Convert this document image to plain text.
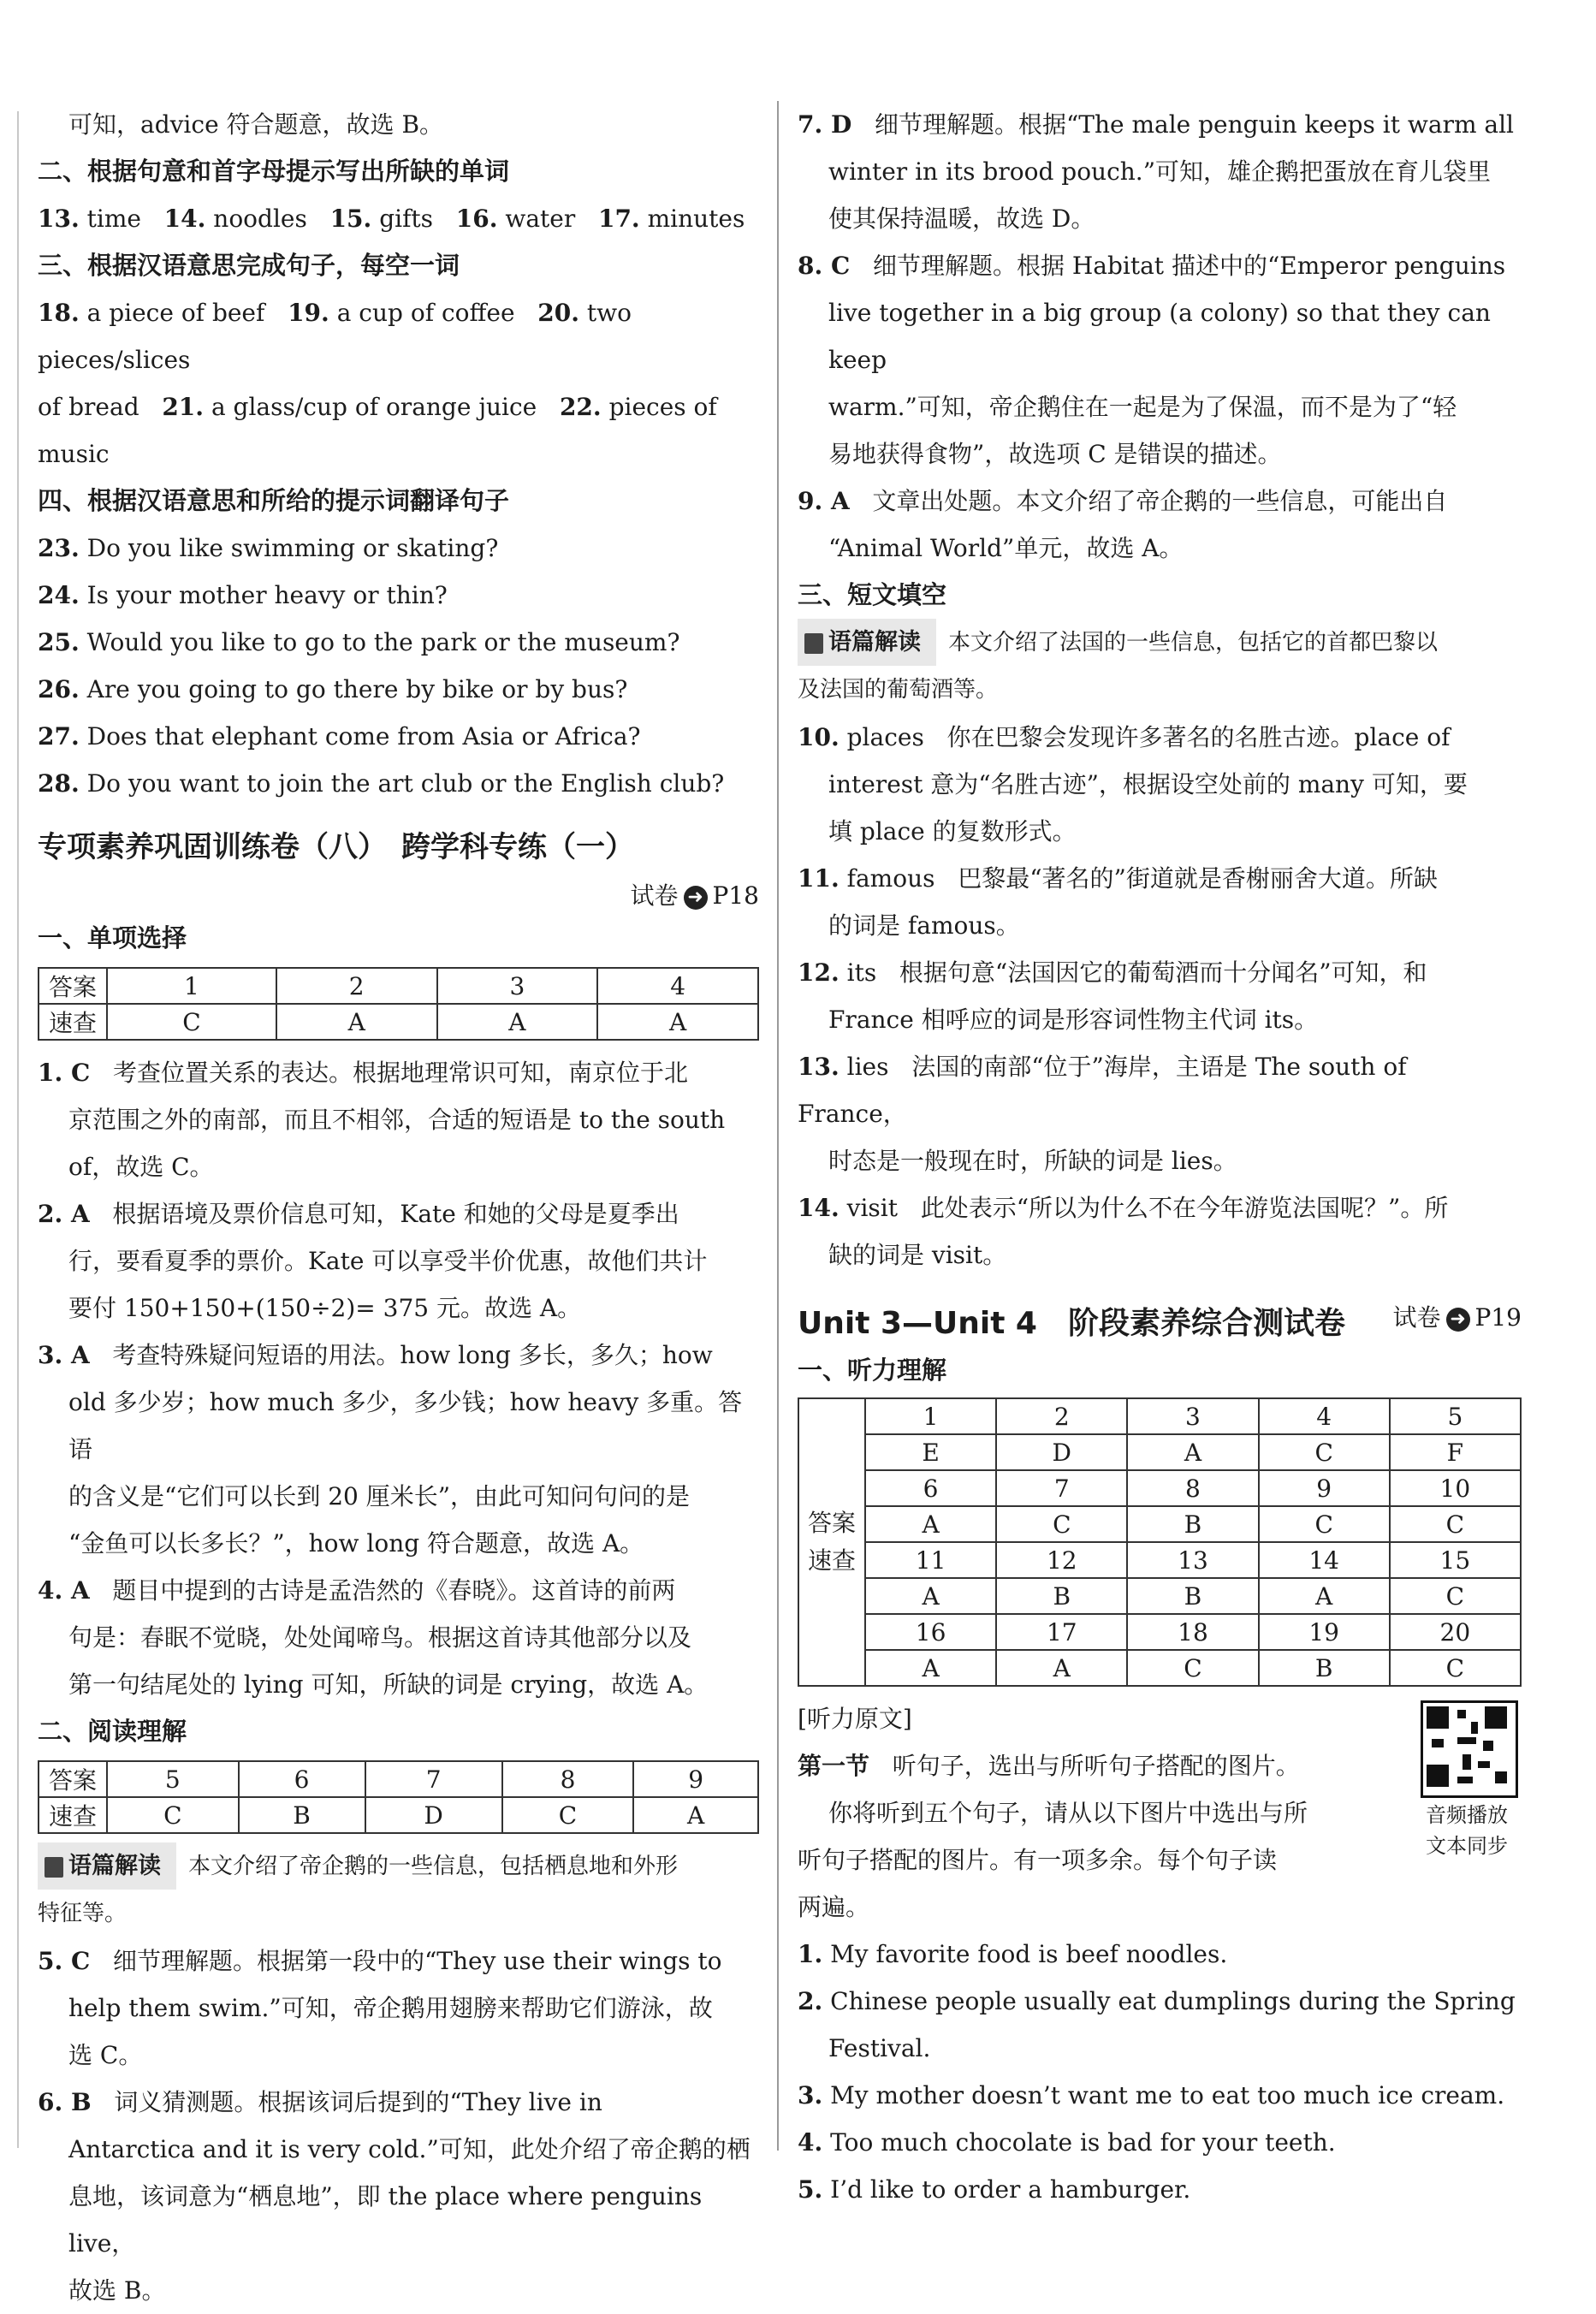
可知，advice 符合题意，故选 B。

二、根据句意和首字母提示写出所缺的单词

13. time 14. noodles 15. gifts 16. water 17. minutes

三、根据汉语意思完成句子，每空一词

18. a piece of beef 19. a cup of coffee 20. two pieces/slices

of bread 21. a glass/cup of orange juice 22. pieces of music

四、根据汉语意思和所给的提示词翻译句子

23. Do you like swimming or skating?

24. Is your mother heavy or thin?

25. Would you like to go to the park or the museum?

26. Are you going to go there by bike or by bus?

27. Does that elephant come from Asia or Africa?

28. Do you want to join the art club or the English club?

专项素养巩固训练卷（八）　跨学科专练（一）

试卷 ➜ P18

一、单项选择

答案	1	2	3	4
速查	C	A	A	A

1. C 考查位置关系的表达。根据地理常识可知，南京位于北

京范围之外的南部，而且不相邻，合适的短语是 to the south

of，故选 C。

2. A 根据语境及票价信息可知，Kate 和她的父母是夏季出

行，要看夏季的票价。Kate 可以享受半价优惠，故他们共计

要付 150+150+(150÷2)= 375 元。故选 A。

3. A 考查特殊疑问短语的用法。how long 多长，多久；how

old 多少岁；how much 多少，多少钱；how heavy 多重。答语

的含义是“它们可以长到 20 厘米长”，由此可知问句问的是

“金鱼可以长多长？”，how long 符合题意，故选 A。

4. A 题目中提到的古诗是孟浩然的《春晓》。这首诗的前两

句是：春眠不觉晓，处处闻啼鸟。根据这首诗其他部分以及

第一句结尾处的 lying 可知，所缺的词是 crying，故选 A。

二、阅读理解

答案	5	6	7	8	9
速查	C	B	D	C	A

语篇解读 本文介绍了帝企鹅的一些信息，包括栖息地和外形

特征等。

5. C 细节理解题。根据第一段中的“They use their wings to

help them swim.”可知，帝企鹅用翅膀来帮助它们游泳，故

选 C。

6. B 词义猜测题。根据该词后提到的“They live in

Antarctica and it is very cold.”可知，此处介绍了帝企鹅的栖

息地，该词意为“栖息地”，即 the place where penguins live，

故选 B。

7. D 细节理解题。根据“The male penguin keeps it warm all

winter in its brood pouch.”可知，雄企鹅把蛋放在育儿袋里

使其保持温暖，故选 D。

8. C 细节理解题。根据 Habitat 描述中的“Emperor penguins

live together in a big group (a colony) so that they can keep

warm.”可知，帝企鹅住在一起是为了保温，而不是为了“轻

易地获得食物”，故选项 C 是错误的描述。

9. A 文章出处题。本文介绍了帝企鹅的一些信息，可能出自

“Animal World”单元，故选 A。

三、短文填空

语篇解读 本文介绍了法国的一些信息，包括它的首都巴黎以

及法国的葡萄酒等。

10. places 你在巴黎会发现许多著名的名胜古迹。place of

interest 意为“名胜古迹”，根据设空处前的 many 可知，要

填 place 的复数形式。

11. famous 巴黎最“著名的”街道就是香榭丽舍大道。所缺

的词是 famous。

12. its 根据句意“法国因它的葡萄酒而十分闻名”可知，和

France 相呼应的词是形容词性物主代词 its。

13. lies 法国的南部“位于”海岸，主语是 The south of France，

时态是一般现在时，所缺的词是 lies。

14. visit 此处表示“所以为什么不在今年游览法国呢？”。所

缺的词是 visit。

Unit 3—Unit 4　阶段素养综合测试卷 试卷 ➜ P19

一、听力理解

答案
速查	1	2	3	4	5
	E	D	A	C	F
	6	7	8	9	10
	A	C	B	C	C
	11	12	13	14	15
	A	B	B	A	C
	16	17	18	19	20
	A	A	C	B	C

[听力原文]

第一节 听句子，选出与所听句子搭配的图片。

你将听到五个句子，请从以下图片中选出与所

听句子搭配的图片。有一项多余。每个句子读

两遍。

音频播放
文本同步

1. My favorite food is beef noodles.

2. Chinese people usually eat dumplings during the Spring

Festival.

3. My mother doesn’t want me to eat too much ice cream.

4. Too much chocolate is bad for your teeth.

5. I’d like to order a hamburger.
